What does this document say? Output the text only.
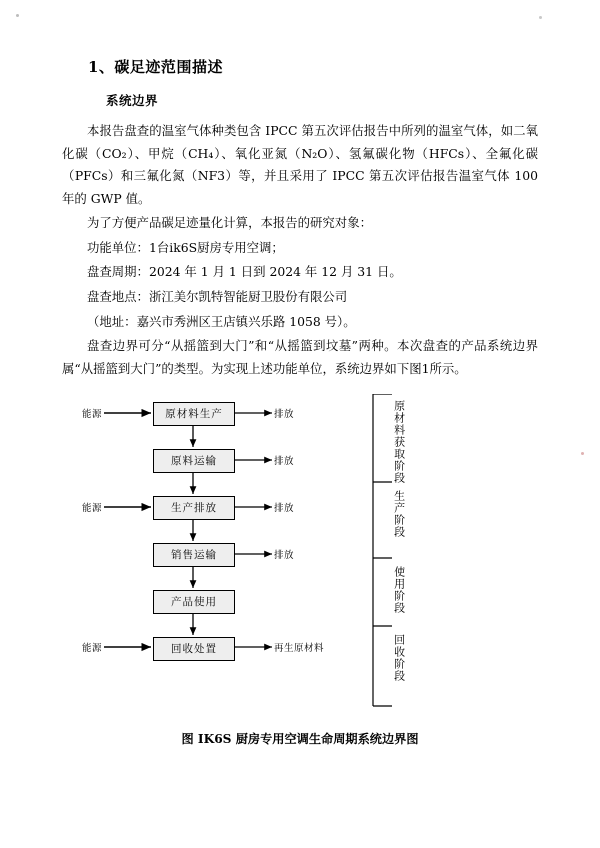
1、碳足迹范围描述
系统边界

本报告盘查的温室气体种类包含 IPCC 第五次评估报告中所列的温室气体，如二氧化碳（CO₂）、甲烷（CH₄）、氧化亚氮（N₂O）、氢氟碳化物（HFCs）、全氟化碳（PFCs）和三氟化氮（NF3）等，并且采用了 IPCC 第五次评估报告温室气体 100 年的 GWP 值。

为了方便产品碳足迹量化计算，本报告的研究对象：

功能单位：1台ik6S厨房专用空调；

盘查周期：2024 年 1 月 1 日到 2024 年 12 月 31 日。

盘查地点：浙江美尔凯特智能厨卫股份有限公司

（地址：嘉兴市秀洲区王店镇兴乐路 1058 号）。

盘查边界可分“从摇篮到大门”和“从摇篮到坟墓”两种。本次盘查的产品系统边界属“从摇篮到大门”的类型。为实现上述功能单位，系统边界如下图1所示。

原材料生产
原料运输
生产排放
销售运输
产品使用
回收处置
能源
能源
能源
排放
排放
排放
排放
再生原材料
原材料获取阶段
生产阶段
使用阶段
回收阶段
图 IK6S 厨房专用空调生命周期系统边界图
